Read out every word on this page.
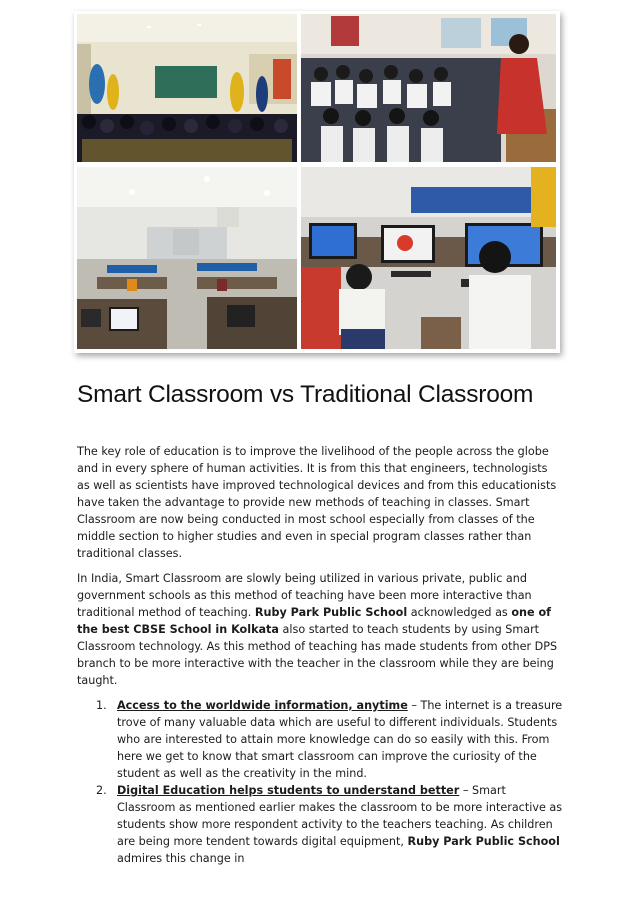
Smart Classroom vs Traditional Classroom

The key role of education is to improve the livelihood of the people across the globe and in every sphere of human activities. It is from this that engineers, technologists as well as scientists have improved technological devices and from this educationists have taken the advantage to provide new methods of teaching in classes. Smart Classroom are now being conducted in most school especially from classes of the middle section to higher studies and even in special program classes rather than traditional classes.

In India, Smart Classroom are slowly being utilized in various private, public and government schools as this method of teaching have been more interactive than traditional method of teaching. Ruby Park Public School acknowledged as one of the best CBSE School in Kolkata also started to teach students by using Smart Classroom technology. As this method of teaching has made students from other DPS branch to be more interactive with the teacher in the classroom while they are being taught.

1. Access to the worldwide information, anytime – The internet is a treasure trove of many valuable data which are useful to different individuals. Students who are interested to attain more knowledge can do so easily with this. From here we get to know that smart classroom can improve the curiosity of the student as well as the creativity in the mind.
2. Digital Education helps students to understand better – Smart Classroom as mentioned earlier makes the classroom to be more interactive as students show more respondent activity to the teachers teaching. As children are being more tendent towards digital equipment, Ruby Park Public School admires this change in
